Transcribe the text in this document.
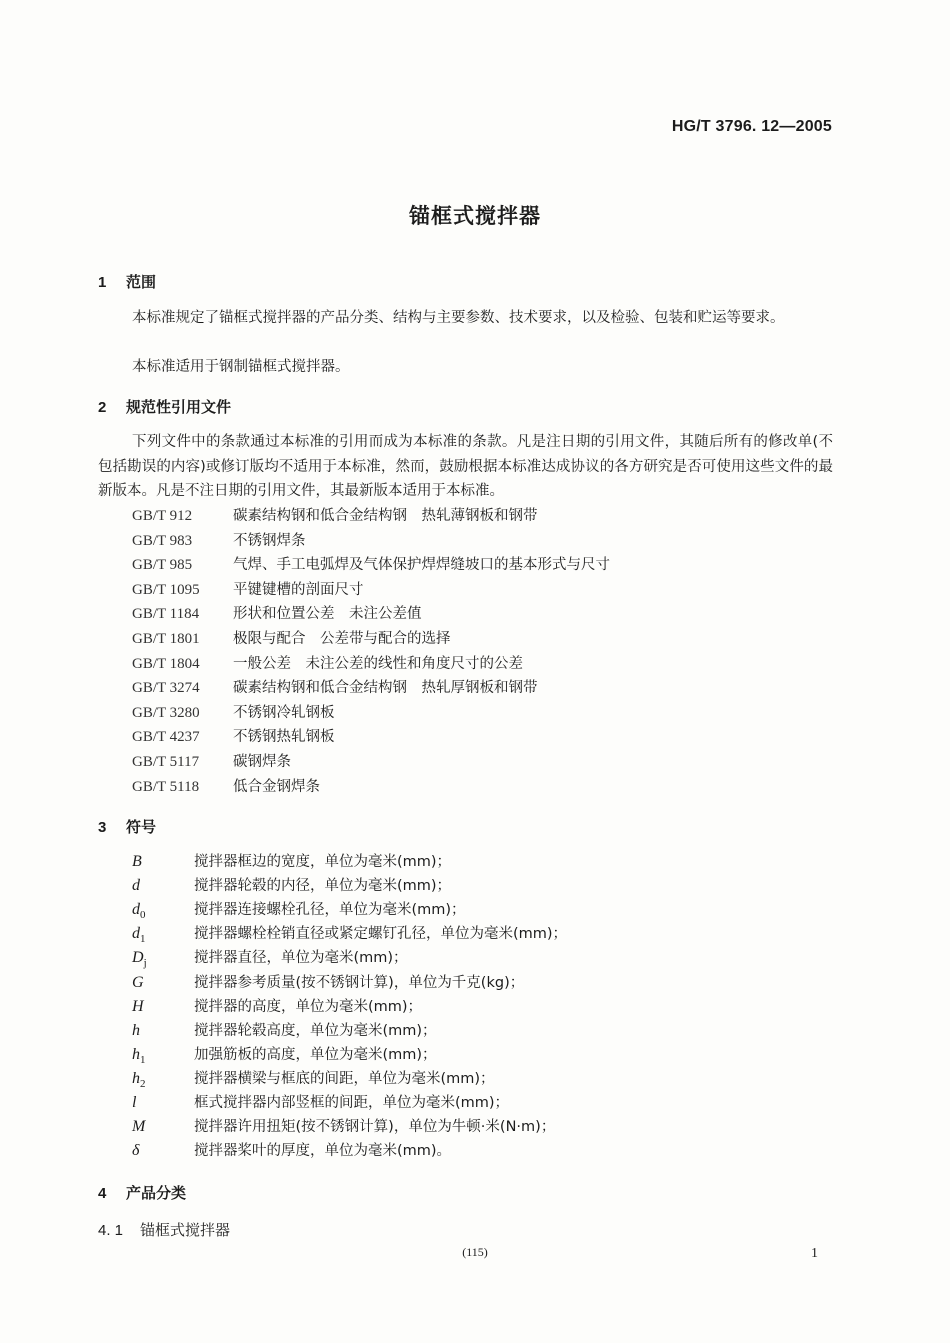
HG/T 3796. 12—2005
锚框式搅拌器
1 范围

本标准规定了锚框式搅拌器的产品分类、结构与主要参数、技术要求，以及检验、包装和贮运等要求。

本标准适用于钢制锚框式搅拌器。

2 规范性引用文件

下列文件中的条款通过本标准的引用而成为本标准的条款。凡是注日期的引用文件，其随后所有的修改单(不包括勘误的内容)或修订版均不适用于本标准，然而，鼓励根据本标准达成协议的各方研究是否可使用这些文件的最新版本。凡是不注日期的引用文件，其最新版本适用于本标准。

GB/T 912	碳素结构钢和低合金结构钢　热轧薄钢板和钢带
GB/T 983	不锈钢焊条
GB/T 985	气焊、手工电弧焊及气体保护焊焊缝坡口的基本形式与尺寸
GB/T 1095 平键键槽的剖面尺寸
GB/T 1184 形状和位置公差　未注公差值
GB/T 1801 极限与配合　公差带与配合的选择
GB/T 1804 一般公差　未注公差的线性和角度尺寸的公差
GB/T 3274 碳素结构钢和低合金结构钢　热轧厚钢板和钢带
GB/T 3280 不锈钢冷轧钢板
GB/T 4237 不锈钢热轧钢板
GB/T 5117 碳钢焊条
GB/T 5118 低合金钢焊条
3 符号
B	搅拌器框边的宽度，单位为毫米(mm)；
d	搅拌器轮毂的内径，单位为毫米(mm)；
$d_0$	搅拌器连接螺栓孔径，单位为毫米(mm)；
$d_1$	搅拌器螺栓栓销直径或紧定螺钉孔径，单位为毫米(mm)；
$D_j$	搅拌器直径，单位为毫米(mm)；
G	搅拌器参考质量(按不锈钢计算)，单位为千克(kg)；
H	搅拌器的高度，单位为毫米(mm)；
h	搅拌器轮毂高度，单位为毫米(mm)；
$h_1$	加强筋板的高度，单位为毫米(mm)；
$h_2$	搅拌器横梁与框底的间距，单位为毫米(mm)；
l	框式搅拌器内部竖框的间距，单位为毫米(mm)；
M	搅拌器许用扭矩(按不锈钢计算)，单位为牛顿·米(N·m)；
δ	搅拌器桨叶的厚度，单位为毫米(mm)。
4 产品分类
4. 1 锚框式搅拌器
(115)	1
